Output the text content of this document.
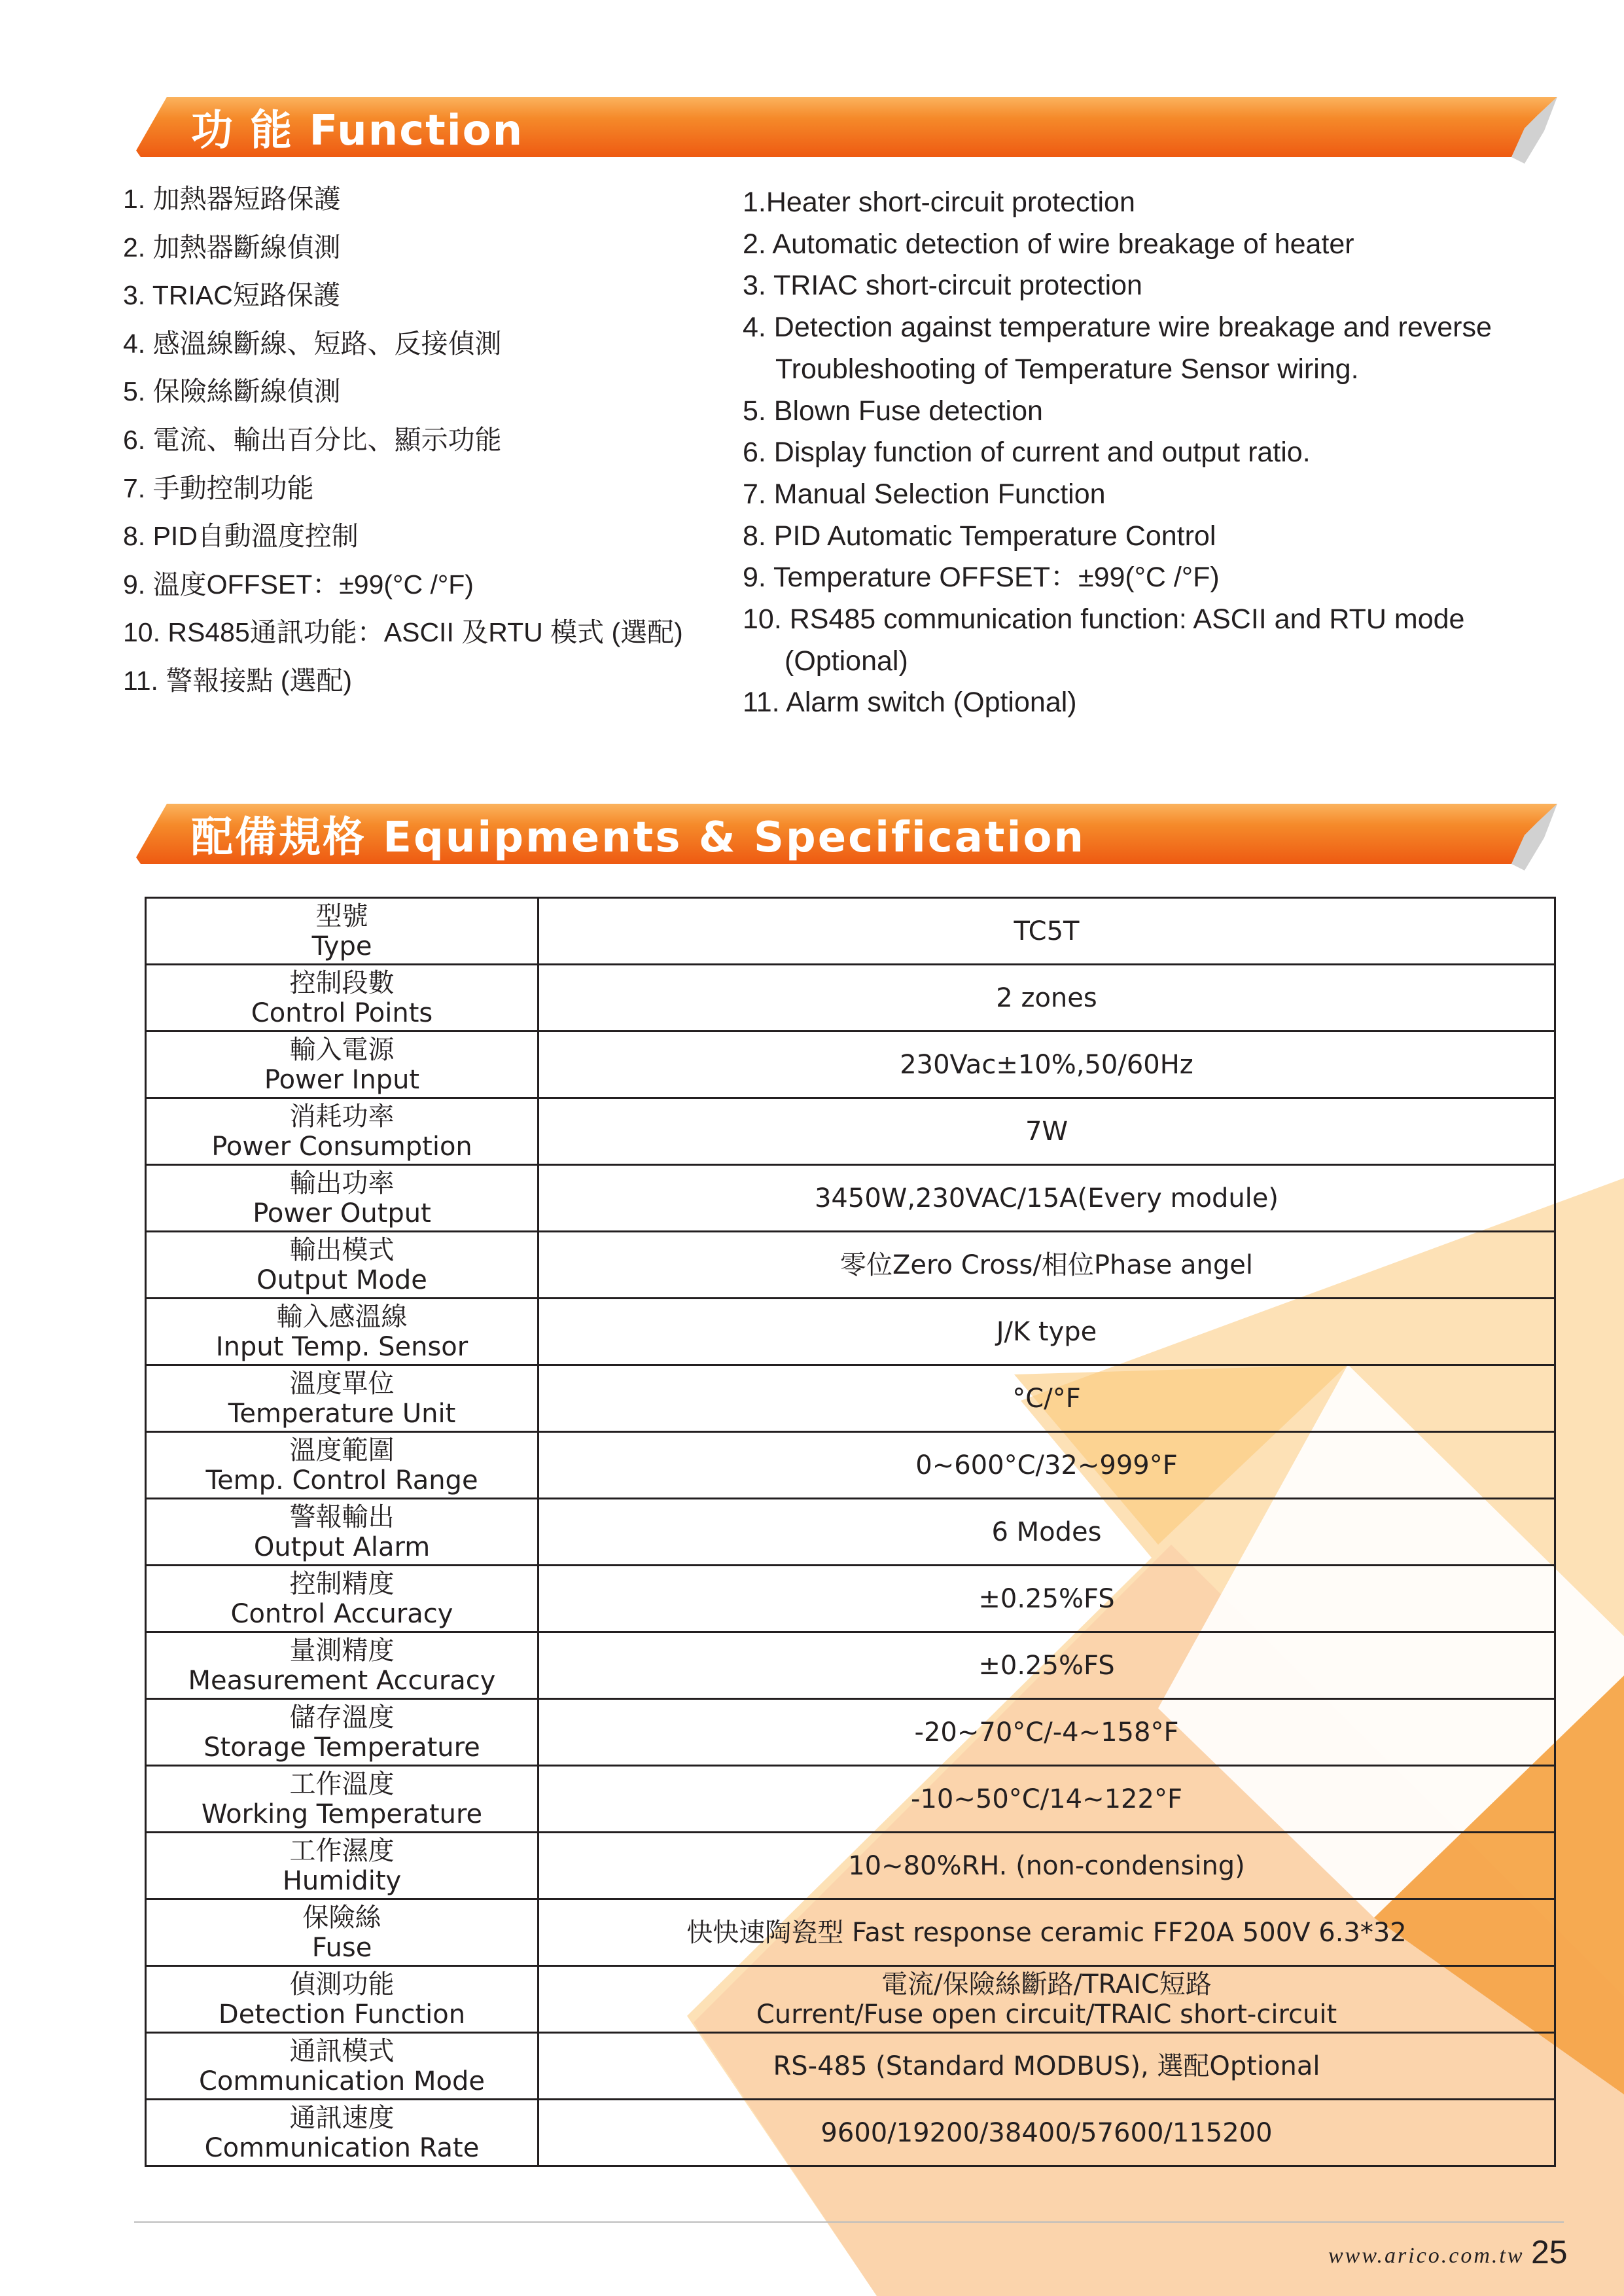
功 能 Function
1. 加熱器短路保護
2. 加熱器斷線偵測
3. TRIAC短路保護
4. 感溫線斷線、短路、反接偵測
5. 保險絲斷線偵測
6. 電流、輸出百分比、顯示功能
7. 手動控制功能
8. PID自動溫度控制
9. 溫度OFFSET：±99(°C /°F)
10. RS485通訊功能：ASCII 及RTU 模式 (選配)
11. 警報接點 (選配)
1.Heater short-circuit protection
2. Automatic detection of wire breakage of heater
3. TRIAC short-circuit protection
4. Detection against temperature wire breakage and reverse
Troubleshooting of Temperature Sensor wiring.
5. Blown Fuse detection
6. Display function of current and output ratio.
7. Manual Selection Function
8. PID Automatic Temperature Control
9. Temperature OFFSET：±99(°C /°F)
10. RS485 communication function: ASCII and RTU mode
(Optional)
11. Alarm switch (Optional)
配備規格 Equipments & Specification
型號
Type	TC5T

控制段數
Control Points	2 zones

輸入電源
Power Input	230Vac±10%,50/60Hz

消耗功率
Power Consumption	7W

輸出功率
Power Output	3450W,230VAC/15A(Every module)

輸出模式
Output Mode	零位Zero Cross/相位Phase angel

輸入感溫線
Input Temp. Sensor	J/K type

溫度單位
Temperature Unit	°C/°F

溫度範圍
Temp. Control Range	0~600°C/32~999°F

警報輸出
Output Alarm	6 Modes

控制精度
Control Accuracy	±0.25%FS

量測精度
Measurement Accuracy	±0.25%FS

儲存溫度
Storage Temperature	-20~70°C/-4~158°F

工作溫度
Working Temperature	-10~50°C/14~122°F

工作濕度
Humidity	10~80%RH. (non-condensing)

保險絲
Fuse	快快速陶瓷型 Fast response ceramic FF20A 500V 6.3*32

偵測功能
Detection Function	電流/保險絲斷路/TRAIC短路
Current/Fuse open circuit/TRAIC short-circuit

通訊模式
Communication Mode	RS-485 (Standard MODBUS), 選配Optional

通訊速度
Communication Rate	9600/19200/38400/57600/115200
www.arico.com.tw 25
